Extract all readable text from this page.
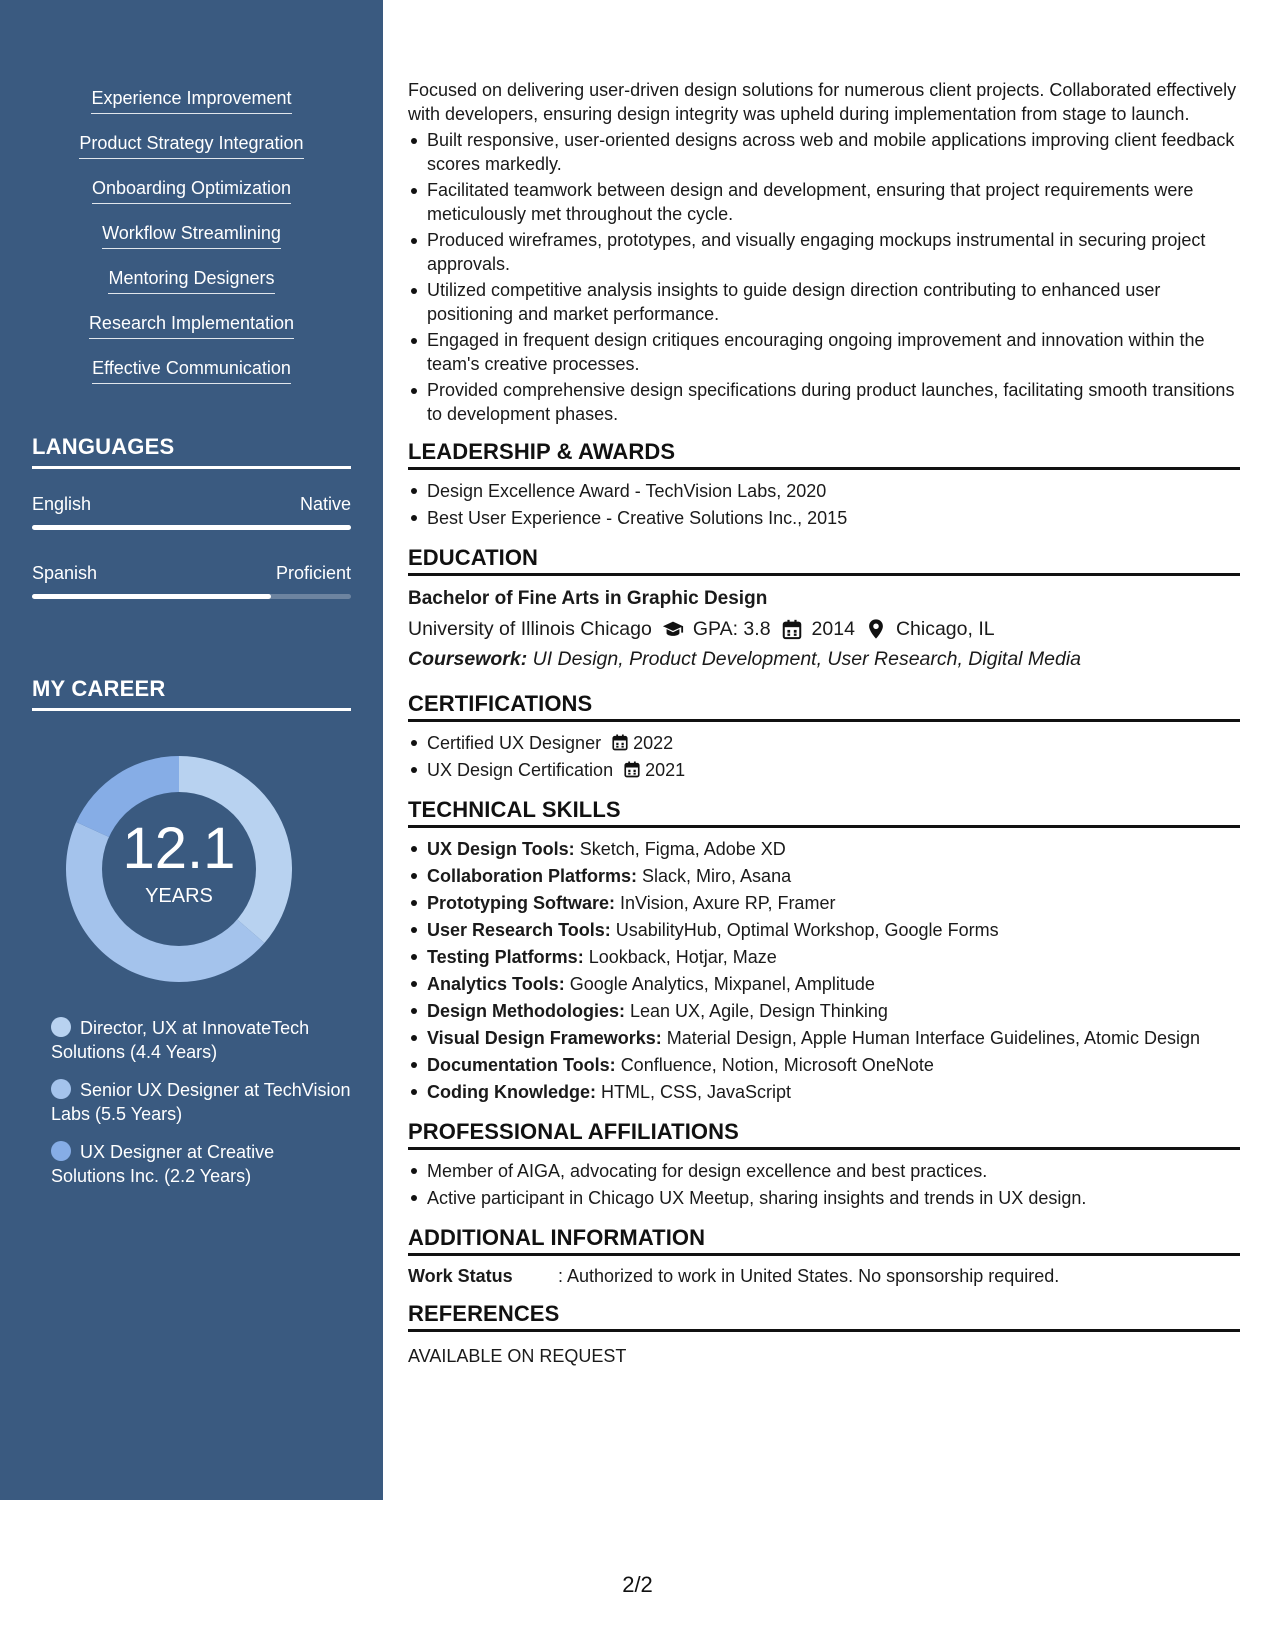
Experience Improvement
Product Strategy Integration
Onboarding Optimization
Workflow Streamlining
Mentoring Designers
Research Implementation
Effective Communication
LANGUAGES
English	Native
Spanish	Proficient
MY CAREER
12.1
YEARS
Director, UX at InnovateTech Solutions (4.4 Years)
Senior UX Designer at TechVision Labs (5.5 Years)
UX Designer at Creative Solutions Inc. (2.2 Years)

Focused on delivering user-driven design solutions for numerous client projects. Collaborated effectively with developers, ensuring design integrity was upheld during implementation from stage to launch.

Built responsive, user-oriented designs across web and mobile applications improving client feedback scores markedly.
Facilitated teamwork between design and development, ensuring that project requirements were meticulously met throughout the cycle.
Produced wireframes, prototypes, and visually engaging mockups instrumental in securing project approvals.
Utilized competitive analysis insights to guide design direction contributing to enhanced user positioning and market performance.
Engaged in frequent design critiques encouraging ongoing improvement and innovation within the team's creative processes.
Provided comprehensive design specifications during product launches, facilitating smooth transitions to development phases.
LEADERSHIP & AWARDS
Design Excellence Award - TechVision Labs, 2020
Best User Experience - Creative Solutions Inc., 2015
EDUCATION
Bachelor of Fine Arts in Graphic Design
University of Illinois Chicago GPA: 3.8 2014 Chicago, IL
Coursework: UI Design, Product Development, User Research, Digital Media
CERTIFICATIONS
Certified UX Designer 2022
UX Design Certification 2021
TECHNICAL SKILLS
UX Design Tools: Sketch, Figma, Adobe XD
Collaboration Platforms: Slack, Miro, Asana
Prototyping Software: InVision, Axure RP, Framer
User Research Tools: UsabilityHub, Optimal Workshop, Google Forms
Testing Platforms: Lookback, Hotjar, Maze
Analytics Tools: Google Analytics, Mixpanel, Amplitude
Design Methodologies: Lean UX, Agile, Design Thinking
Visual Design Frameworks: Material Design, Apple Human Interface Guidelines, Atomic Design
Documentation Tools: Confluence, Notion, Microsoft OneNote
Coding Knowledge: HTML, CSS, JavaScript
PROFESSIONAL AFFILIATIONS
Member of AIGA, advocating for design excellence and best practices.
Active participant in Chicago UX Meetup, sharing insights and trends in UX design.
ADDITIONAL INFORMATION
Work Status	: Authorized to work in United States. No sponsorship required.
REFERENCES
AVAILABLE ON REQUEST
2/2
